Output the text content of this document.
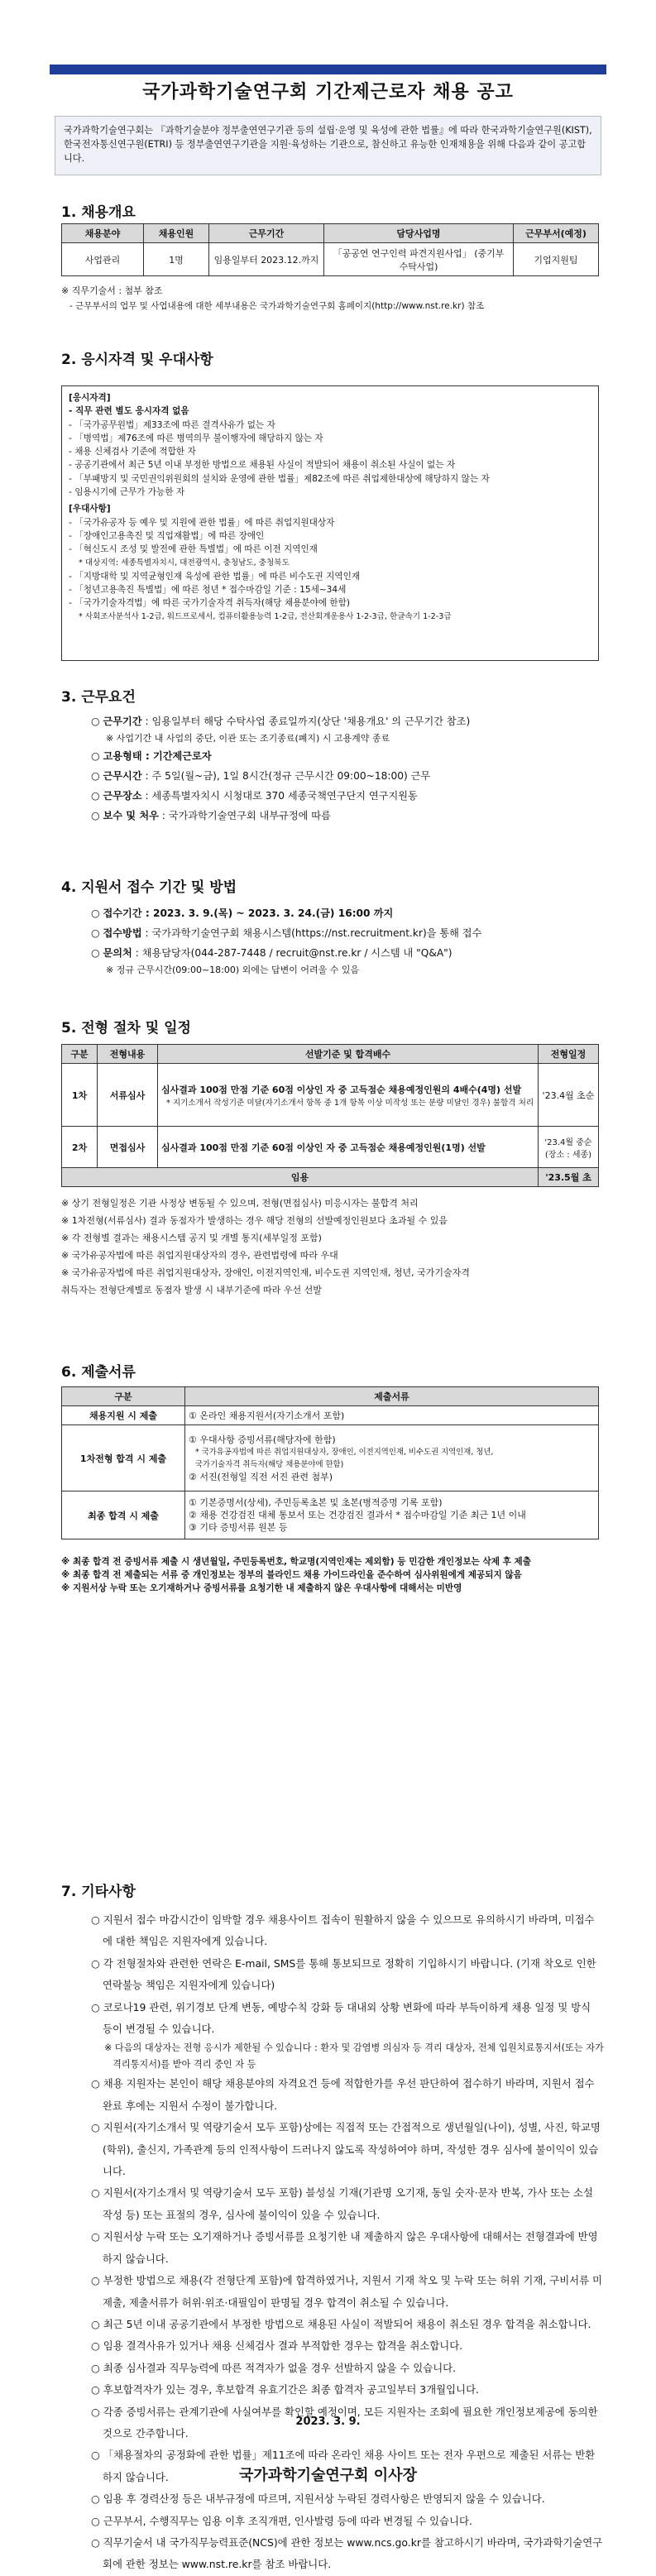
국가과학기술연구회 기간제근로자 채용 공고
국가과학기술연구회는 『과학기술분야 정부출연연구기관 등의 설립·운영 및 육성에 관한 법률』에 따라 한국과학기술연구원(KIST), 한국전자통신연구원(ETRI) 등 정부출연연구기관을 지원·육성하는 기관으로, 참신하고 유능한 인재채용을 위해 다음과 같이 공고합니다.
1. 채용개요
채용분야	채용인원	근무기간	담당사업명	근무부서(예정)
사업관리	1명	임용일부터 2023.12.까지	「공공연 연구인력 파견지원사업」 (중기부 수탁사업)	기업지원팀
※ 직무기술서 : 첨부 참조
- 근무부서의 업무 및 사업내용에 대한 세부내용은 국가과학기술연구회 홈페이지(http://www.nst.re.kr) 참조
2. 응시자격 및 우대사항
[응시자격]
- 직무 관련 별도 응시자격 없음
- 「국가공무원법」제33조에 따른 결격사유가 없는 자
- 「병역법」제76조에 따른 병역의무 불이행자에 해당하지 않는 자
- 채용 신체검사 기준에 적합한 자
- 공공기관에서 최근 5년 이내 부정한 방법으로 채용된 사실이 적발되어 채용이 취소된 사실이 없는 자
- 「부패방지 및 국민권익위원회의 설치와 운영에 관한 법률」제82조에 따른 취업제한대상에 해당하지 않는 자
- 임용시기에 근무가 가능한 자
[우대사항]
- 「국가유공자 등 예우 및 지원에 관한 법률」에 따른 취업지원대상자
- 「장애인고용촉진 및 직업재활법」에 따른 장애인
- 「혁신도시 조성 및 발전에 관한 특별법」에 따른 이전 지역인재
* 대상지역: 세종특별자치시, 대전광역시, 충청남도, 충청북도
- 「지방대학 및 지역균형인재 육성에 관한 법률」에 따른 비수도권 지역인재
- 「청년고용촉진 특별법」에 따른 청년 * 접수마감일 기준 : 15세~34세
- 「국가기술자격법」에 따른 국가기술자격 취득자(해당 채용분야에 한함)
* 사회조사분석사 1-2급, 워드프로세서, 컴퓨터활용능력 1-2급, 전산회계운용사 1-2-3급, 한글속기 1-2-3급
3. 근무요건
○ 근무기간 : 임용일부터 해당 수탁사업 종료일까지(상단 '채용개요' 의 근무기간 참조)
※ 사업기간 내 사업의 중단, 이관 또는 조기종료(폐지) 시 고용계약 종료
○ 고용형태 : 기간제근로자
○ 근무시간 : 주 5일(월~금), 1일 8시간(정규 근무시간 09:00~18:00) 근무
○ 근무장소 : 세종특별자치시 시청대로 370 세종국책연구단지 연구지원동
○ 보수 및 처우 : 국가과학기술연구회 내부규정에 따름
4. 지원서 접수 기간 및 방법
○ 접수기간 : 2023. 3. 9.(목) ~ 2023. 3. 24.(금) 16:00 까지
○ 접수방법 : 국가과학기술연구회 채용시스템(https://nst.recruitment.kr)을 통해 접수
○ 문의처 : 채용담당자(044-287-7448 / recruit@nst.re.kr / 시스템 내 "Q&A")
※ 정규 근무시간(09:00~18:00) 외에는 답변이 어려울 수 있음
5. 전형 절차 및 일정
구분	전형내용	선발기준 및 합격배수	전형일정
1차	서류심사	심사결과 100점 만점 기준 60점 이상인 자 중 고득점순 채용예정인원의 4배수(4명) 선발
* 지기소개서 작성기준 미달(자기소개서 항목 중 1개 항목 이상 미작성 또는 분량 미달인 경우) 불합격 처리	'23.4월 초순
2차	면접심사	심사결과 100점 만점 기준 60점 이상인 자 중 고득점순 채용예정인원(1명) 선발	'23.4월 중순 (장소 : 세종)
임용			'23.5월 초
※ 상기 전형일정은 기관 사정상 변동될 수 있으며, 전형(면접심사) 미응시자는 불합격 처리
※ 1차전형(서류심사) 결과 동점자가 발생하는 경우 해당 전형의 선발예정인원보다 초과될 수 있음
※ 각 전형별 결과는 채용시스템 공지 및 개별 통지(세부일정 포함)
※ 국가유공자법에 따른 취업지원대상자의 경우, 관련법령에 따라 우대
※ 국가유공자법에 따른 취업지원대상자, 장애인, 이전지역인재, 비수도권 지역인재, 청년, 국가기술자격
취득자는 전형단계별로 동점자 발생 시 내부기준에 따라 우선 선발
6. 제출서류
구분	제출서류
채용지원 시 제출	① 온라인 채용지원서(자기소개서 포함)
1차전형 합격 시 제출	① 우대사항 증빙서류(해당자에 한함)
* 국가유공자법에 따른 취업지원대상자, 장애인, 이전지역인재, 비수도권 지역인재, 청년,
국가기술자격 취득자(해당 채용분야에 한함)
② 서진(전형일 직전 서진 관련 첨부)

최종 합격 시 제출	① 기본증명서(상세), 주민등록초본 및 초본(병적증명 기록 포함)
② 채용 건강검진 대체 통보서 또는 건강검진 결과서 * 접수마감일 기준 최근 1년 이내
③ 기타 증빙서류 원본 등
※ 최종 합격 전 증빙서류 제출 시 생년월일, 주민등록번호, 학교명(지역인재는 제외함) 등 민감한 개인정보는 삭제 후 제출
※ 최종 합격 전 제출되는 서류 중 개인정보는 정부의 블라인드 채용 가이드라인을 준수하여 심사위원에게 제공되지 않음
※ 지원서상 누락 또는 오기재하거나 증빙서류를 요청기한 내 제출하지 않은 우대사항에 대해서는 미반영
7. 기타사항

○ 지원서 접수 마감시간이 임박할 경우 채용사이트 접속이 원활하지 않을 수 있으므로 유의하시기 바라며, 미접수에 대한 책임은 지원자에게 있습니다.

○ 각 전형절차와 관련한 연락은 E-mail, SMS를 통해 통보되므로 정확히 기입하시기 바랍니다. (기재 착오로 인한 연락불능 책임은 지원자에게 있습니다)

○ 코로나19 관련, 위기경보 단계 변동, 예방수칙 강화 등 대내외 상황 변화에 따라 부득이하게 채용 일정 및 방식 등이 변경될 수 있습니다.

※ 다음의 대상자는 전형 응시가 제한될 수 있습니다 : 환자 및 감염병 의심자 등 격리 대상자, 전체 입원치료통지서(또는 자가격리통지서)를 받아 격리 중인 자 등

○ 채용 지원자는 본인이 해당 채용분야의 자격요건 등에 적합한가를 우선 판단하여 접수하기 바라며, 지원서 접수 완료 후에는 지원서 수정이 불가합니다.

○ 지원서(자기소개서 및 역량기술서 모두 포함)상에는 직접적 또는 간접적으로 생년월일(나이), 성별, 사진, 학교명(학위), 출신지, 가족관계 등의 인적사항이 드러나지 않도록 작성하여야 하며, 작성한 경우 심사에 불이익이 있습니다.

○ 지원서(자기소개서 및 역량기술서 모두 포함) 블성실 기재(기관명 오기재, 동일 숫자·문자 반복, 가사 또는 소설 작성 등) 또는 표절의 경우, 심사에 불이익이 있을 수 있습니다.

○ 지원서상 누락 또는 오기재하거나 증빙서류를 요청기한 내 제출하지 않은 우대사항에 대해서는 전형결과에 반영하지 않습니다.

○ 부정한 방법으로 채용(각 전형단계 포함)에 합격하였거나, 지원서 기재 착오 및 누락 또는 허위 기재, 구비서류 미제출, 제출서류가 허위·위조·대필임이 판명될 경우 합격이 취소될 수 있습니다.

○ 최근 5년 이내 공공기관에서 부정한 방법으로 채용된 사실이 적발되어 채용이 취소된 경우 합격을 취소합니다.

○ 임용 결격사유가 있거나 채용 신체검사 결과 부적합한 경우는 합격을 취소합니다.

○ 최종 심사결과 직무능력에 따른 적격자가 없을 경우 선발하지 않을 수 있습니다.

○ 후보합격자가 있는 경우, 후보합격 유효기간은 최종 합격자 공고일부터 3개월입니다.

○ 각종 증빙서류는 관계기관에 사실여부를 확인할 예정이며, 모든 지원자는 조회에 필요한 개인정보제공에 동의한 것으로 간주합니다.

○ 「채용절차의 공정화에 관한 법률」제11조에 따라 온라인 채용 사이트 또는 전자 우편으로 제출된 서류는 반환하지 않습니다.

○ 임용 후 경력산정 등은 내부규정에 따르며, 지원서상 누락된 경력사항은 반영되지 않을 수 있습니다.

○ 근무부서, 수행직무는 임용 이후 조직개편, 인사발령 등에 따라 변경될 수 있습니다.

○ 직무기술서 내 국가직무능력표준(NCS)에 관한 정보는 www.ncs.go.kr를 참고하시기 바라며, 국가과학기술연구회에 관한 정보는 www.nst.re.kr를 참조 바랍니다.

2023. 3. 9.
국가과학기술연구회 이사장
